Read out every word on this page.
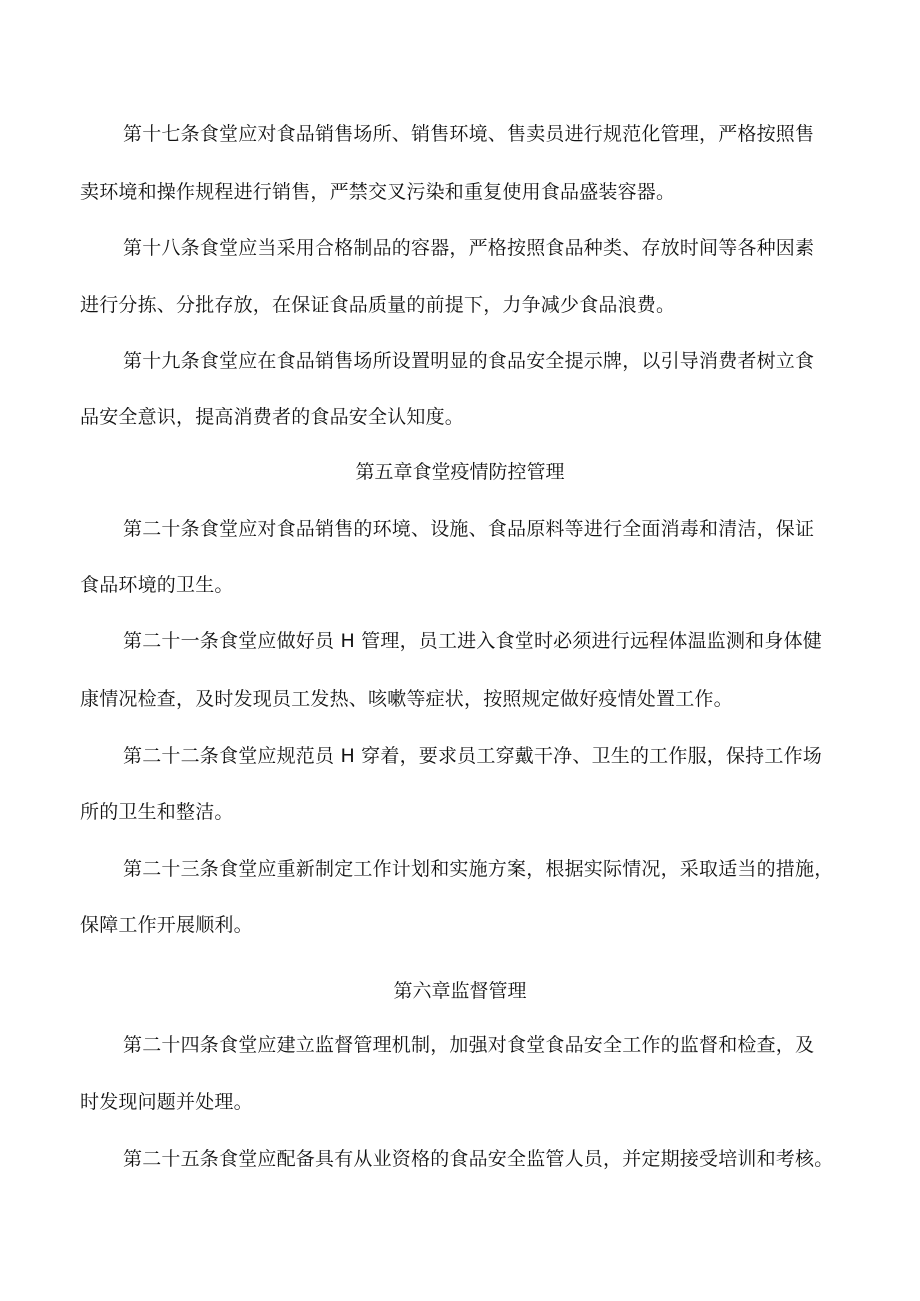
第十七条食堂应对食品销售场所、销售环境、售卖员进行规范化管理，严格按照售
卖环境和操作规程进行销售，严禁交叉污染和重复使用食品盛装容器。
第十八条食堂应当采用合格制品的容器，严格按照食品种类、存放时间等各种因素
进行分拣、分批存放，在保证食品质量的前提下，力争减少食品浪费。
第十九条食堂应在食品销售场所设置明显的食品安全提示牌，以引导消费者树立食
品安全意识，提高消费者的食品安全认知度。
第五章食堂疫情防控管理
第二十条食堂应对食品销售的环境、设施、食品原料等进行全面消毒和清洁，保证
食品环境的卫生。
第二十一条食堂应做好员 H 管理，员工进入食堂时必须进行远程体温监测和身体健
康情况检查，及时发现员工发热、咳嗽等症状，按照规定做好疫情处置工作。
第二十二条食堂应规范员 H 穿着，要求员工穿戴干净、卫生的工作服，保持工作场
所的卫生和整洁。
第二十三条食堂应重新制定工作计划和实施方案，根据实际情况，采取适当的措施，
保障工作开展顺利。
第六章监督管理
第二十四条食堂应建立监督管理机制，加强对食堂食品安全工作的监督和检查，及
时发现问题并处理。
第二十五条食堂应配备具有从业资格的食品安全监管人员，并定期接受培训和考核。
